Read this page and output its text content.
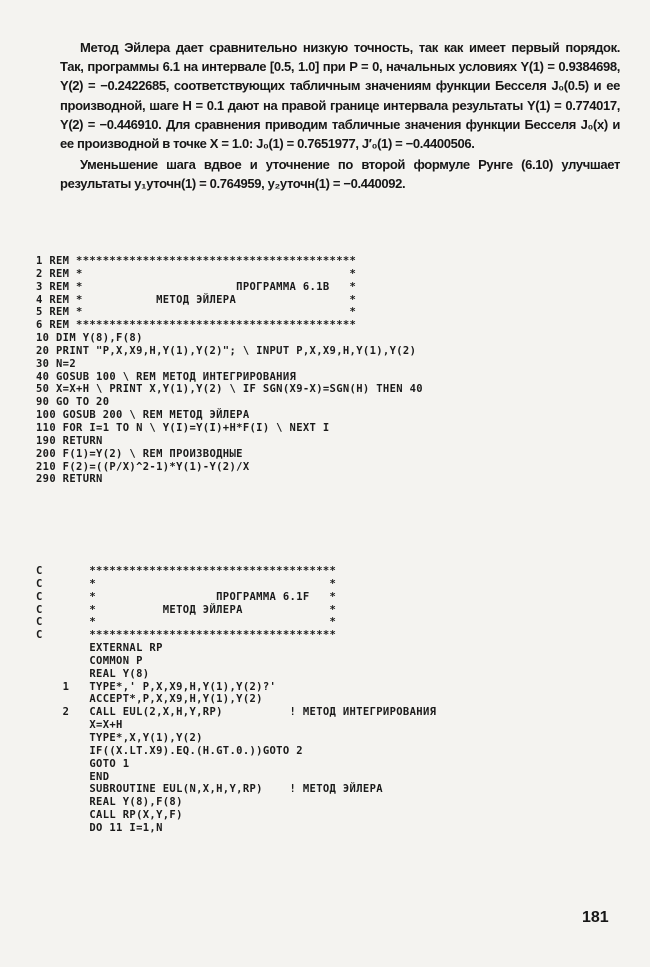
Метод Эйлера дает сравнительно низкую точность, так как имеет первый порядок. Так, программы 6.1 на интервале [0.5, 1.0] при P = 0, начальных условиях Y(1) = 0.9384698, Y(2) = −0.2422685, соответствующих табличным значениям функции Бесселя J₀(0.5) и ее производной, шаге H = 0.1 дают на правой границе интервала результаты Y(1) = 0.774017, Y(2) = −0.446910. Для сравнения приводим табличные значения функции Бесселя J₀(x) и ее производной в точке X = 1.0: J₀(1) = 0.7651977, J′₀(1) = −0.4400506.

Уменьшение шага вдвое и уточнение по второй формуле Рунге (6.10) улучшает результаты y₁уточн(1) = 0.764959, y₂уточн(1) = −0.440092.

1 REM ******************************************
2 REM *                                        *
3 REM *                       ПРОГРАММА 6.1B   *
4 REM *           МЕТОД ЭЙЛЕРА                 *
5 REM *                                        *
6 REM ******************************************
10 DIM Y(8),F(8)
20 PRINT "P,X,X9,H,Y(1),Y(2)"; \ INPUT P,X,X9,H,Y(1),Y(2)
30 N=2
40 GOSUB 100 \ REM МЕТОД ИНТЕГРИРОВАНИЯ
50 X=X+H \ PRINT X,Y(1),Y(2) \ IF SGN(X9-X)=SGN(H) THEN 40
90 GO TO 20
100 GOSUB 200 \ REM МЕТОД ЭЙЛЕРА
110 FOR I=1 TO N \ Y(I)=Y(I)+H*F(I) \ NEXT I
190 RETURN
200 F(1)=Y(2) \ REM ПРОИЗВОДНЫЕ
210 F(2)=((P/X)^2-1)*Y(1)-Y(2)/X
290 RETURN

C       *************************************
C       *                                   *
C       *                  ПРОГРАММА 6.1F   *
C       *          МЕТОД ЭЙЛЕРА             *
C       *                                   *
C       *************************************
EXTERNAL RP
COMMON P
REAL Y(8)
1   TYPE*,' P,X,X9,H,Y(1),Y(2)?'
ACCEPT*,P,X,X9,H,Y(1),Y(2)
2   CALL EUL(2,X,H,Y,RP)          ! МЕТОД ИНТЕГРИРОВАНИЯ
X=X+H
TYPE*,X,Y(1),Y(2)
IF((X.LT.X9).EQ.(H.GT.0.))GOTO 2
GOTO 1
END
SUBROUTINE EUL(N,X,H,Y,RP)    ! МЕТОД ЭЙЛЕРА
REAL Y(8),F(8)
CALL RP(X,Y,F)
DO 11 I=1,N

181
